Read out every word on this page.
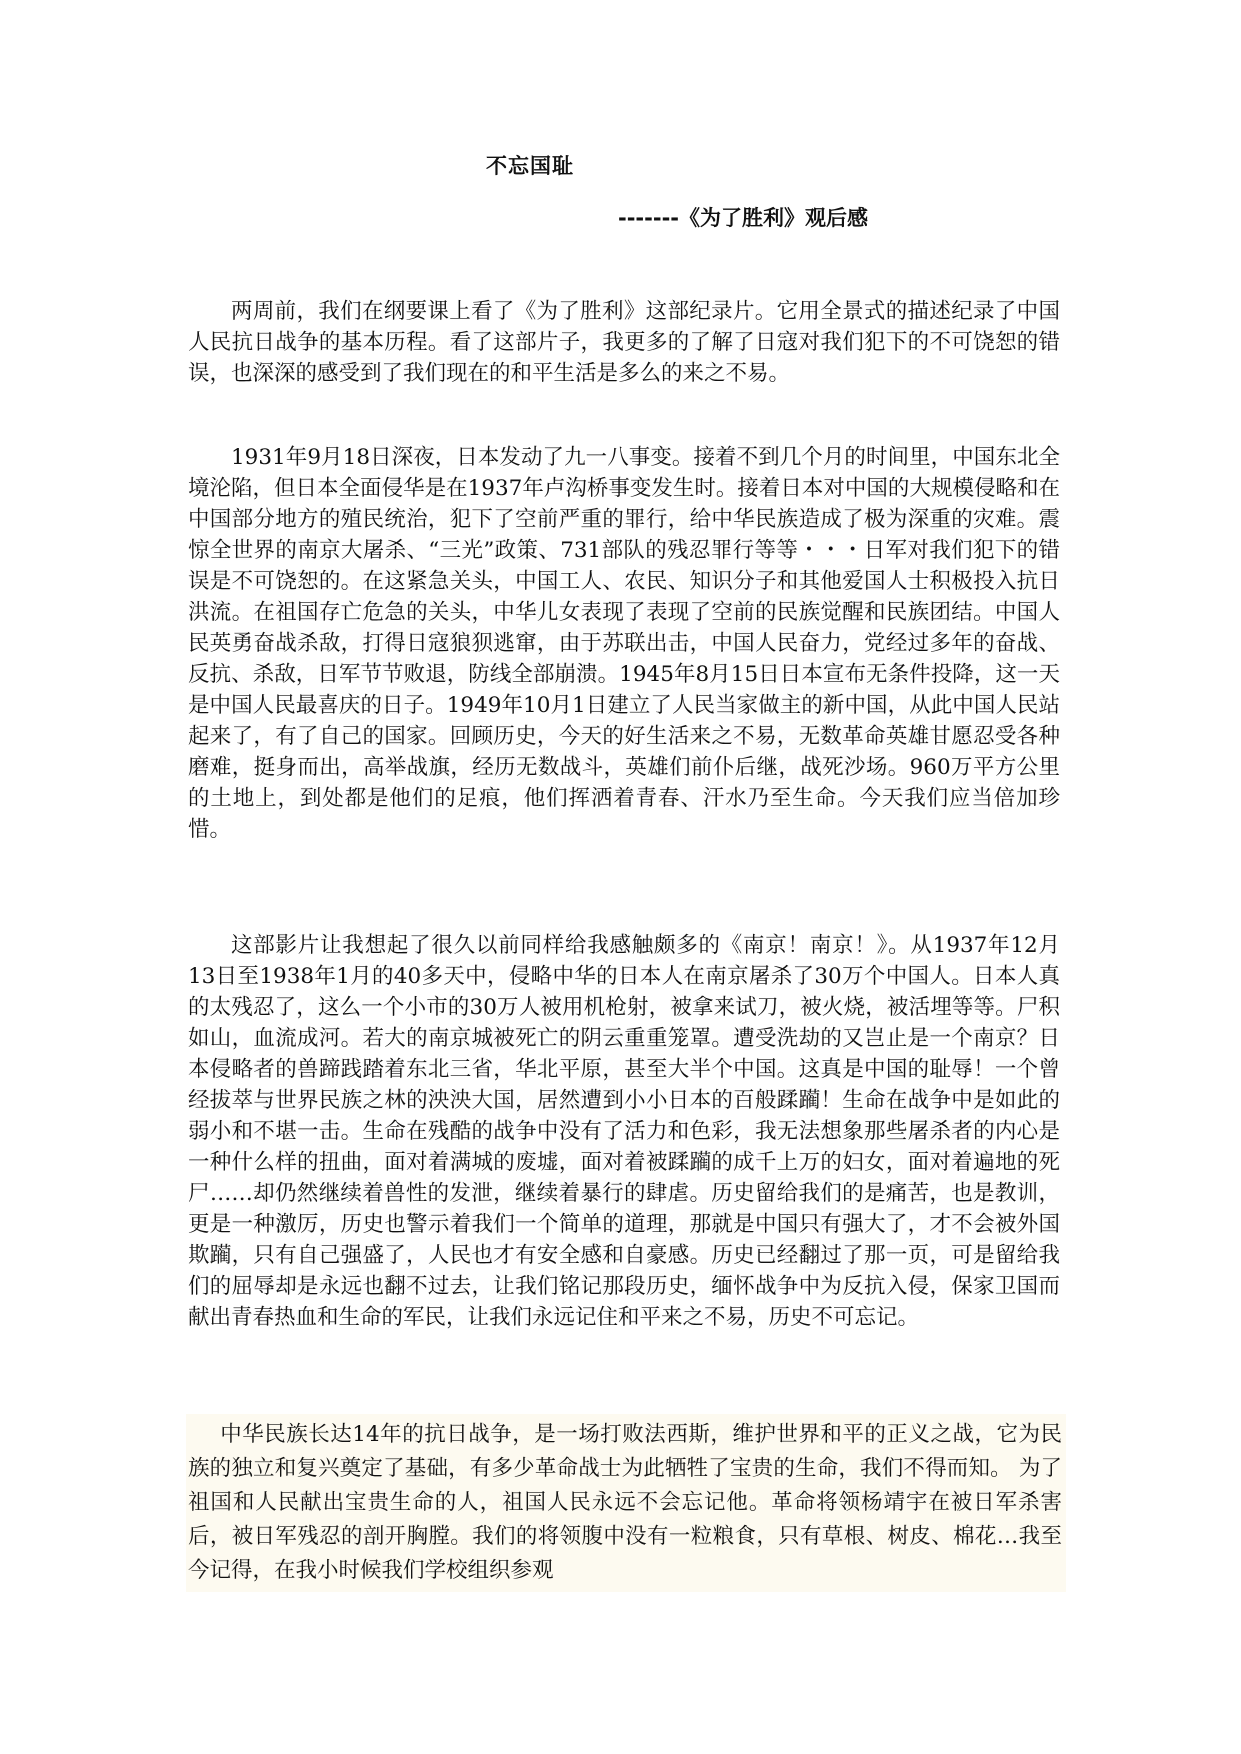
不忘国耻
-------《为了胜利》观后感

两周前，我们在纲要课上看了《为了胜利》这部纪录片。它用全景式的描述纪录了中国人民抗日战争的基本历程。看了这部片子，我更多的了解了日寇对我们犯下的不可饶恕的错误，也深深的感受到了我们现在的和平生活是多么的来之不易。

1931年9月18日深夜，日本发动了九一八事变。接着不到几个月的时间里，中国东北全境沦陷，但日本全面侵华是在1937年卢沟桥事变发生时。接着日本对中国的大规模侵略和在中国部分地方的殖民统治，犯下了空前严重的罪行，给中华民族造成了极为深重的灾难。震惊全世界的南京大屠杀、“三光”政策、731部队的残忍罪行等等・・・日军对我们犯下的错误是不可饶恕的。在这紧急关头，中国工人、农民、知识分子和其他爱国人士积极投入抗日洪流。在祖国存亡危急的关头，中华儿女表现了表现了空前的民族觉醒和民族团结。中国人民英勇奋战杀敌，打得日寇狼狈逃窜，由于苏联出击，中国人民奋力，党经过多年的奋战、反抗、杀敌，日军节节败退，防线全部崩溃。1945年8月15日日本宣布无条件投降，这一天是中国人民最喜庆的日子。1949年10月1日建立了人民当家做主的新中国，从此中国人民站起来了，有了自己的国家。回顾历史，今天的好生活来之不易，无数革命英雄甘愿忍受各种磨难，挺身而出，高举战旗，经历无数战斗，英雄们前仆后继，战死沙场。960万平方公里的土地上，到处都是他们的足痕，他们挥洒着青春、汗水乃至生命。今天我们应当倍加珍惜。

这部影片让我想起了很久以前同样给我感触颇多的《南京！南京！》。从1937年12月13日至1938年1月的40多天中，侵略中华的日本人在南京屠杀了30万个中国人。日本人真的太残忍了，这么一个小市的30万人被用机枪射，被拿来试刀，被火烧，被活埋等等。尸积如山，血流成河。若大的南京城被死亡的阴云重重笼罩。遭受洗劫的又岂止是一个南京？日本侵略者的兽蹄践踏着东北三省，华北平原，甚至大半个中国。这真是中国的耻辱！一个曾经拔萃与世界民族之林的泱泱大国，居然遭到小小日本的百般蹂躏！生命在战争中是如此的弱小和不堪一击。生命在残酷的战争中没有了活力和色彩，我无法想象那些屠杀者的内心是一种什么样的扭曲，面对着满城的废墟，面对着被蹂躏的成千上万的妇女，面对着遍地的死尸……却仍然继续着兽性的发泄，继续着暴行的肆虐。历史留给我们的是痛苦，也是教训，更是一种激厉，历史也警示着我们一个简单的道理，那就是中国只有强大了，才不会被外国欺躏，只有自己强盛了，人民也才有安全感和自豪感。历史已经翻过了那一页，可是留给我们的屈辱却是永远也翻不过去，让我们铭记那段历史，缅怀战争中为反抗入侵，保家卫国而献出青春热血和生命的军民，让我们永远记住和平来之不易，历史不可忘记。

中华民族长达14年的抗日战争，是一场打败法西斯，维护世界和平的正义之战，它为民族的独立和复兴奠定了基础，有多少革命战士为此牺牲了宝贵的生命，我们不得而知。 为了祖国和人民献出宝贵生命的人，祖国人民永远不会忘记他。革命将领杨靖宇在被日军杀害后，被日军残忍的剖开胸膛。我们的将领腹中没有一粒粮食，只有草根、树皮、棉花…我至今记得，在我小时候我们学校组织参观
